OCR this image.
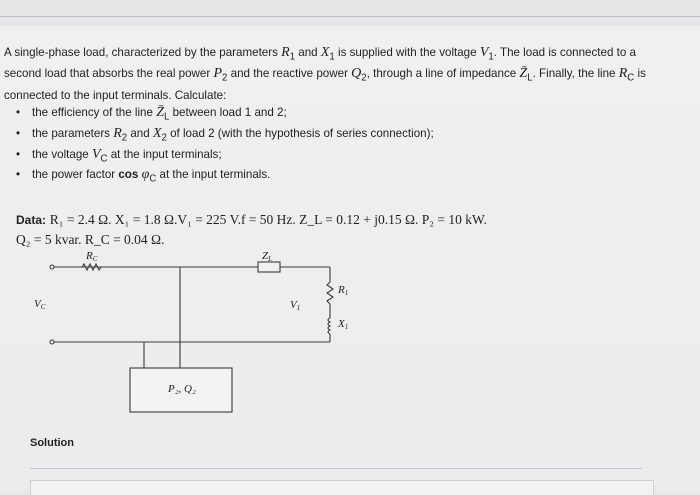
A single-phase load, characterized by the parameters $R_1$ and $X_1$ is supplied with the voltage $V_1$. The load is connected to a
second load that absorbs the real power $P_2$ and the reactive power $Q_2$, through a line of impedance $Z̄_L$. Finally, the line $R_C$ is
connected to the input terminals. Calculate:
• the efficiency of the line $Z̄_L$ between load 1 and 2;
• the parameters $R_2$ and $X_2$ of load 2 (with the hypothesis of series connection);
• the voltage $V_C$ at the input terminals;
• the power factor $\cos \varphi_C$ at the input terminals.
Data: R₁ = 2.4 Ω. X₁ = 1.8 Ω.V₁ = 225 V.f = 50 Hz. Z_L = 0.12 + j0.15 Ω. P₂ = 10 kW.
Q₂ = 5 kvar. R_C = 0.04 Ω.
RC	ZL
VC	V1
R1
X1
P₂, Q₂
Solution
